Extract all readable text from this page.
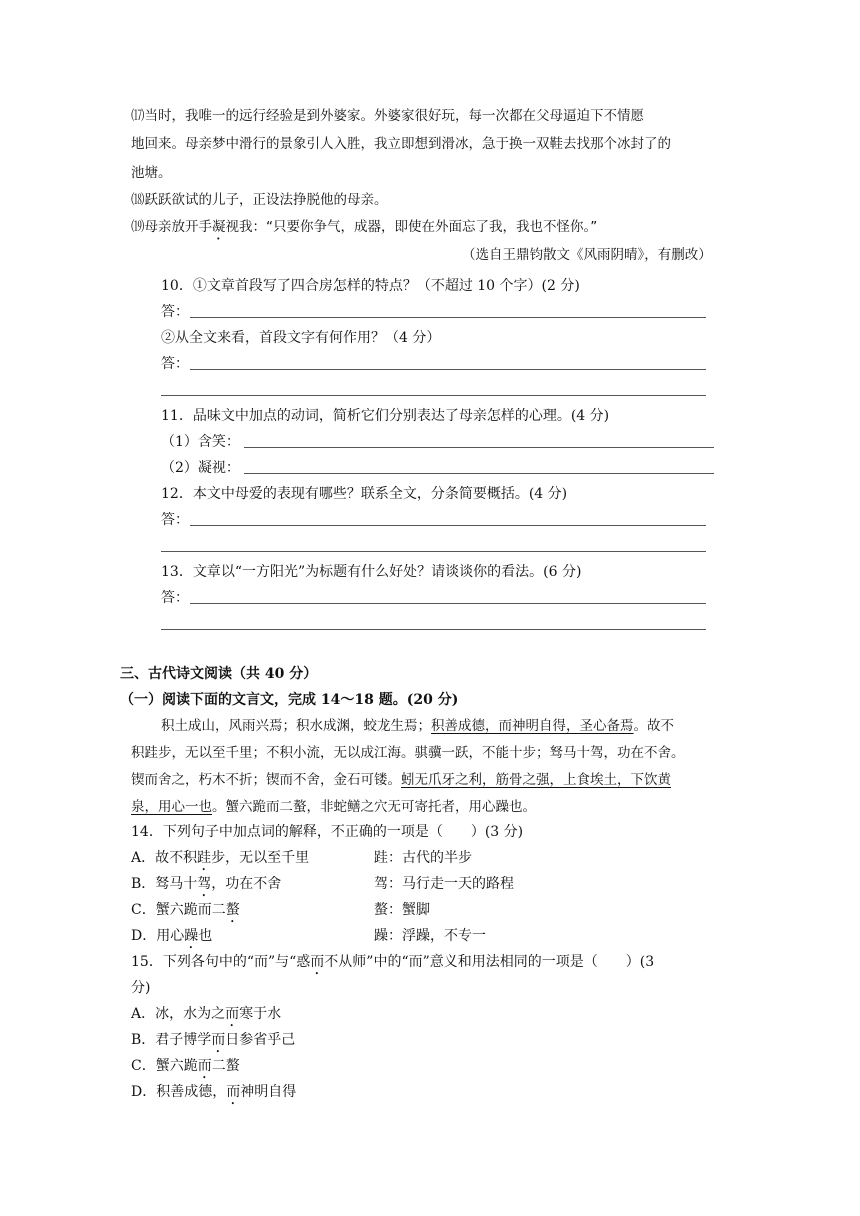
⒄当时，我唯一的远行经验是到外婆家。外婆家很好玩，每一次都在父母逼迫下不情愿
地回来。母亲梦中滑行的景象引人入胜，我立即想到滑冰，急于换一双鞋去找那个冰封了的
池塘。
⒅跃跃欲试的儿子，正设法挣脱他的母亲。
⒆母亲放开手凝视我：“只要你争气，成器，即使在外面忘了我，我也不怪你。”
（选自王鼎钧散文《风雨阴晴》，有删改）
10．①文章首段写了四合房怎样的特点？（不超过 10 个字）(2 分)
答：
②从全文来看，首段文字有何作用？（4 分）
答：
11．品味文中加点的动词，简析它们分别表达了母亲怎样的心理。(4 分)
（1）含笑：
（2）凝视：
12．本文中母爱的表现有哪些？联系全文，分条简要概括。(4 分)
答：
13．文章以“一方阳光”为标题有什么好处？请谈谈你的看法。(6 分)
答：
三、古代诗文阅读（共 40 分）
（一）阅读下面的文言文，完成 14～18 题。(20 分)
积土成山，风雨兴焉；积水成渊，蛟龙生焉；积善成德，而神明自得，圣心备焉。故不
积跬步，无以至千里；不积小流，无以成江海。骐骥一跃，不能十步；驽马十驾，功在不舍。
锲而舍之，朽木不折；锲而不舍，金石可镂。蚓无爪牙之利，筋骨之强，上食埃土，下饮黄
泉，用心一也。蟹六跪而二螯，非蛇鳝之穴无可寄托者，用心躁也。
14．下列句子中加点词的解释，不正确的一项是（　　）(3 分)
A．故不积跬步，无以至千里	跬：古代的半步
B．驽马十驾，功在不舍	驾：马行走一天的路程
C．蟹六跪而二螯	螯：蟹脚
D．用心躁也	躁：浮躁，不专一
15．下列各句中的“而”与“惑而不从师”中的“而”意义和用法相同的一项是（　　）(3
分)
A．冰，水为之而寒于水
B．君子博学而日参省乎己
C．蟹六跪而二螯
D．积善成德，而神明自得
